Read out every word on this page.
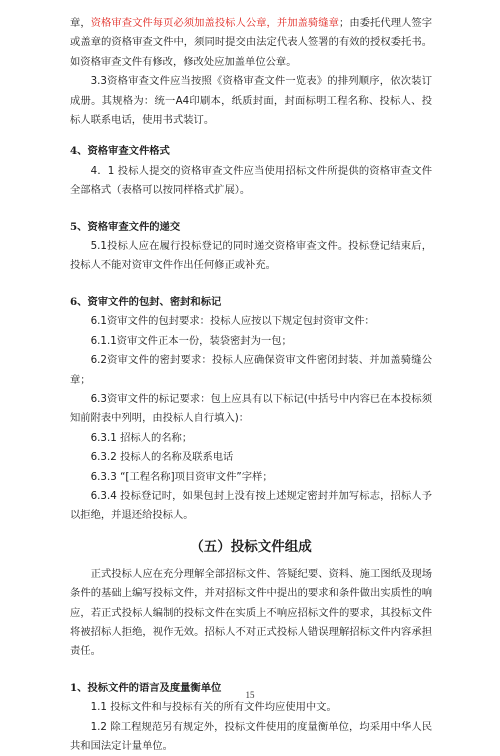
章，资格审查文件每页必须加盖投标人公章，并加盖骑缝章；由委托代理人签字或盖章的资格审查文件中，须同时提交由法定代表人签署的有效的授权委托书。如资格审查文件有修改，修改处应加盖单位公章。

3.3资格审查文件应当按照《资格审查文件一览表》的排列顺序，依次装订成册。其规格为：统一A4印刷本，纸质封面，封面标明工程名称、投标人、投标人联系电话，使用书式装订。

4、资格审查文件格式

4．1 投标人提交的资格审查文件应当使用招标文件所提供的资格审查文件全部格式（表格可以按同样格式扩展）。

5、资格审查文件的递交

5.1投标人应在履行投标登记的同时递交资格审查文件。投标登记结束后，投标人不能对资审文件作出任何修正或补充。

6、资审文件的包封、密封和标记

6.1资审文件的包封要求：投标人应按以下规定包封资审文件：

6.1.1资审文件正本一份，装袋密封为一包；

6.2资审文件的密封要求：投标人应确保资审文件密闭封装、并加盖骑缝公章；

6.3资审文件的标记要求：包上应具有以下标记(中括号中内容已在本投标须知前附表中列明，由投标人自行填入)：

6.3.1 招标人的名称；

6.3.2 投标人的名称及联系电话

6.3.3 “[工程名称]项目资审文件”字样；

6.3.4 投标登记时，如果包封上没有按上述规定密封并加写标志，招标人予以拒绝，并退还给投标人。

（五）投标文件组成

正式投标人应在充分理解全部招标文件、答疑纪要、资料、施工图纸及现场条件的基础上编写投标文件，并对招标文件中提出的要求和条件做出实质性的响应，若正式投标人编制的投标文件在实质上不响应招标文件的要求，其投标文件将被招标人拒绝，视作无效。招标人不对正式投标人错误理解招标文件内容承担责任。

1、投标文件的语言及度量衡单位

1.1 投标文件和与投标有关的所有文件均应使用中文。

1.2 除工程规范另有规定外，投标文件使用的度量衡单位，均采用中华人民共和国法定计量单位。

15
